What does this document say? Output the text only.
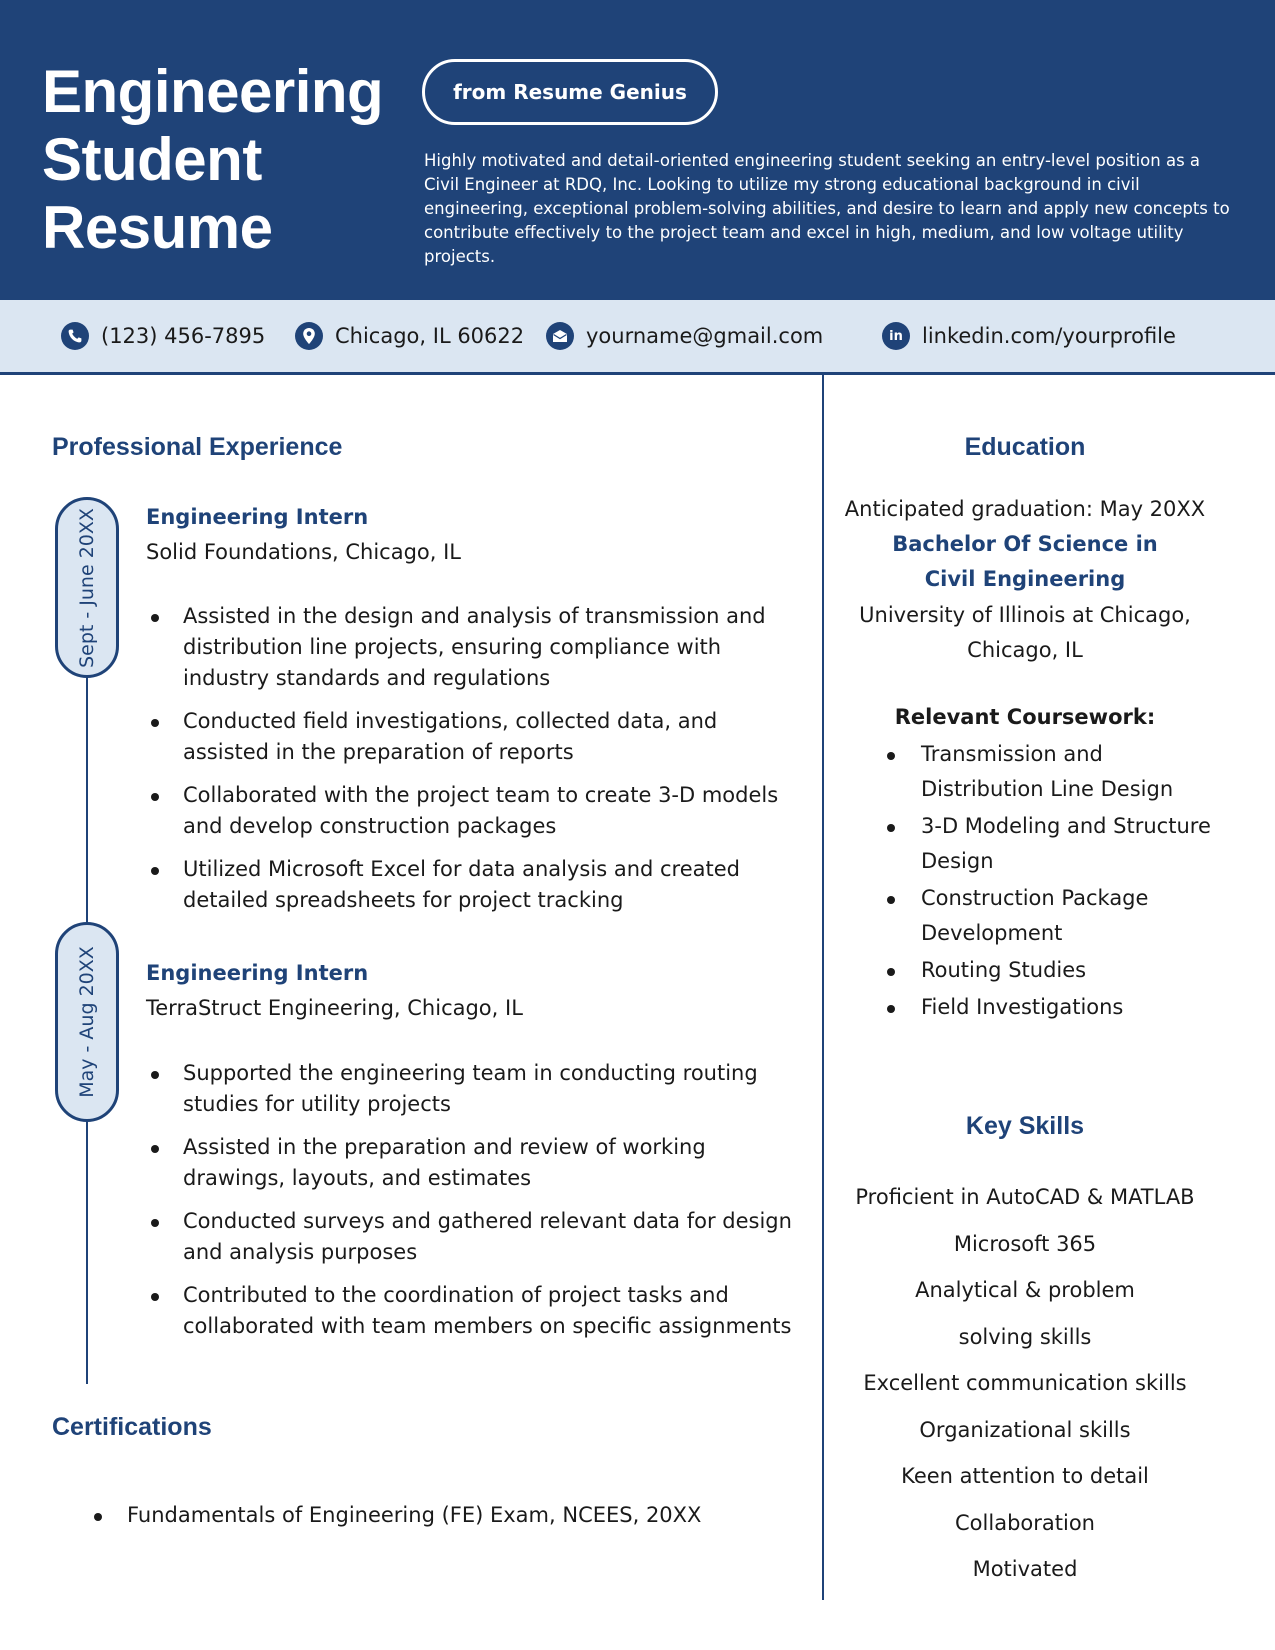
Engineering
Student
Resume
from Resume Genius
Highly motivated and detail-oriented engineering student seeking an entry-level position as a Civil Engineer at RDQ, Inc. Looking to utilize my strong educational background in civil engineering, exceptional problem-solving abilities, and desire to learn and apply new concepts to contribute effectively to the project team and excel in high, medium, and low voltage utility projects.
(123) 456-7895	Chicago, IL 60622	yourname@gmail.com	in linkedin.com/yourprofile
Professional Experience
Sept - June 20XX Engineering Intern
Solid Foundations, Chicago, IL
Assisted in the design and analysis of transmission and distribution line projects, ensuring compliance with industry standards and regulations
Conducted field investigations, collected data, and assisted in the preparation of reports
Collaborated with the project team to create 3-D models and develop construction packages
Utilized Microsoft Excel for data analysis and created detailed spreadsheets for project tracking
May - Aug 20XX Engineering Intern
TerraStruct Engineering, Chicago, IL
Supported the engineering team in conducting routing studies for utility projects
Assisted in the preparation and review of working drawings, layouts, and estimates
Conducted surveys and gathered relevant data for design and analysis purposes
Contributed to the coordination of project tasks and collaborated with team members on specific assignments
Certifications
Fundamentals of Engineering (FE) Exam, NCEES, 20XX
Education
Anticipated graduation: May 20XX
Bachelor Of Science in Civil Engineering
University of Illinois at Chicago, Chicago, IL
Relevant Coursework:
Transmission and Distribution Line Design
3-D Modeling and Structure Design
Construction Package Development
Routing Studies
Field Investigations
Key Skills
Proficient in AutoCAD & MATLAB
Microsoft 365
Analytical & problem solving skills
Excellent communication skills
Organizational skills
Keen attention to detail
Collaboration
Motivated
